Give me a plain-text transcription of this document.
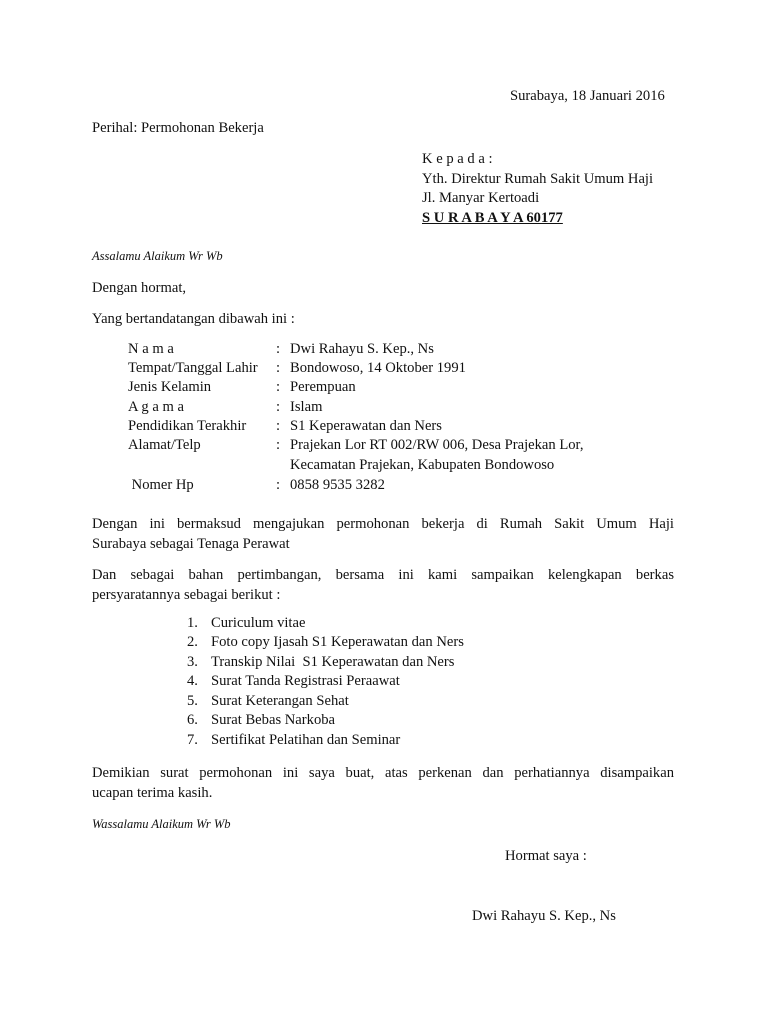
Surabaya, 18 Januari 2016
Perihal: Permohonan Bekerja
K e p a d a :
Yth. Direktur Rumah Sakit Umum Haji
Jl. Manyar Kertoadi
S U R A B A Y A 60177
Assalamu Alaikum Wr Wb
Dengan hormat,
Yang bertandatangan dibawah ini :
N a m a	: Dwi Rahayu S. Kep., Ns
Tempat/Tanggal Lahir : Bondowoso, 14 Oktober 1991
Jenis Kelamin	: Perempuan
A g a m a	: Islam
Pendidikan Terakhir : S1 Keperawatan dan Ners
Alamat/Telp	: Prajekan Lor RT 002/RW 006, Desa Prajekan Lor,
Kecamatan Prajekan, Kabupaten Bondowoso
Nomer Hp	: 0858 9535 3282
Dengan ini bermaksud mengajukan permohonan bekerja di Rumah Sakit Umum Haji
Surabaya sebagai Tenaga Perawat
Dan sebagai bahan pertimbangan, bersama ini kami sampaikan kelengkapan berkas
persyaratannya sebagai berikut :
1. Curiculum vitae
2. Foto copy Ijasah S1 Keperawatan dan Ners
3. Transkip Nilai  S1 Keperawatan dan Ners
4. Surat Tanda Registrasi Peraawat
5. Surat Keterangan Sehat
6. Surat Bebas Narkoba
7. Sertifikat Pelatihan dan Seminar
Demikian surat permohonan ini saya buat, atas perkenan dan perhatiannya disampaikan
ucapan terima kasih.
Wassalamu Alaikum Wr Wb
Hormat saya :
Dwi Rahayu S. Kep., Ns
